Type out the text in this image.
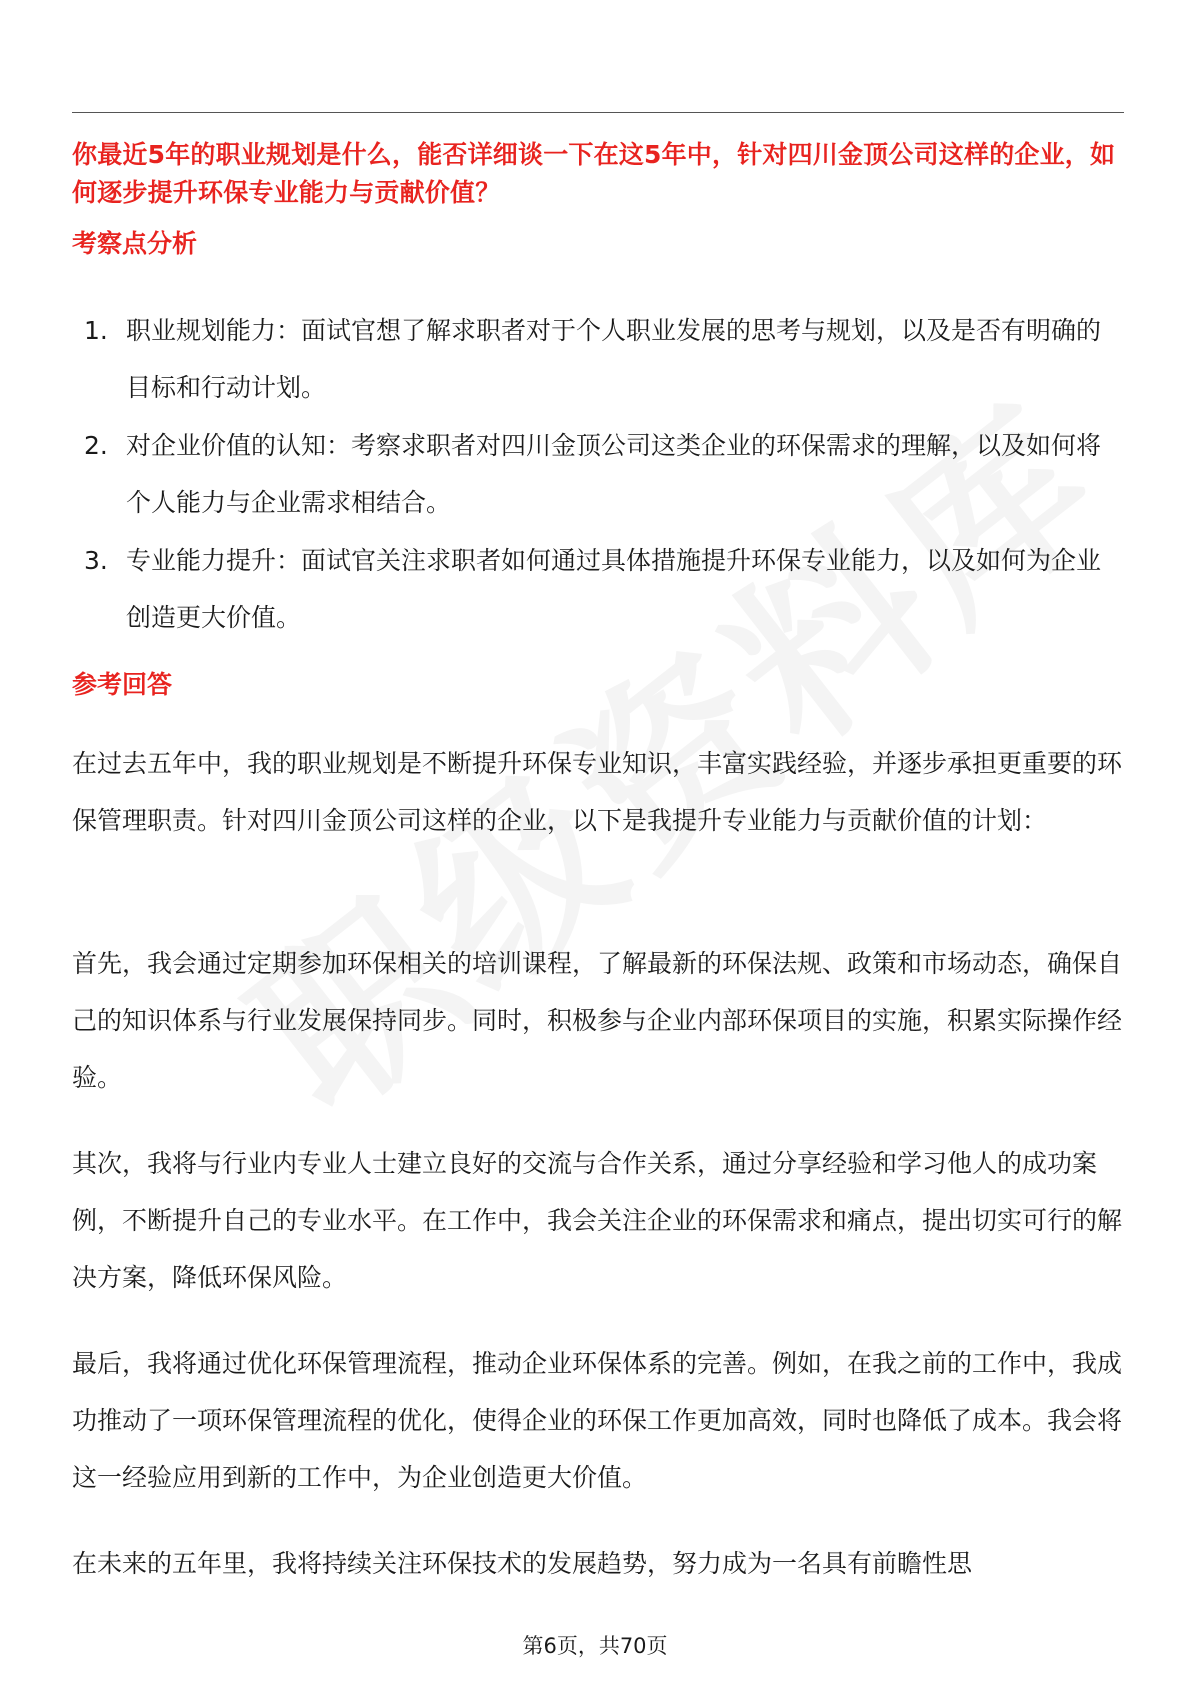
你最近5年的职业规划是什么，能否详细谈一下在这5年中，针对四川金顶公司这样的企业，如何逐步提升环保专业能力与贡献价值？
考察点分析
1. 职业规划能力：面试官想了解求职者对于个人职业发展的思考与规划，以及是否有明确的目标和行动计划。
2. 对企业价值的认知：考察求职者对四川金顶公司这类企业的环保需求的理解，以及如何将个人能力与企业需求相结合。
3. 专业能力提升：面试官关注求职者如何通过具体措施提升环保专业能力，以及如何为企业创造更大价值。
参考回答

在过去五年中，我的职业规划是不断提升环保专业知识，丰富实践经验，并逐步承担更重要的环保管理职责。针对四川金顶公司这样的企业，以下是我提升专业能力与贡献价值的计划：

首先，我会通过定期参加环保相关的培训课程，了解最新的环保法规、政策和市场动态，确保自己的知识体系与行业发展保持同步。同时，积极参与企业内部环保项目的实施，积累实际操作经验。

其次，我将与行业内专业人士建立良好的交流与合作关系，通过分享经验和学习他人的成功案例，不断提升自己的专业水平。在工作中，我会关注企业的环保需求和痛点，提出切实可行的解决方案，降低环保风险。

最后，我将通过优化环保管理流程，推动企业环保体系的完善。例如，在我之前的工作中，我成功推动了一项环保管理流程的优化，使得企业的环保工作更加高效，同时也降低了成本。我会将这一经验应用到新的工作中，为企业创造更大价值。

在未来的五年里，我将持续关注环保技术的发展趋势，努力成为一名具有前瞻性思

第6页，共70页
